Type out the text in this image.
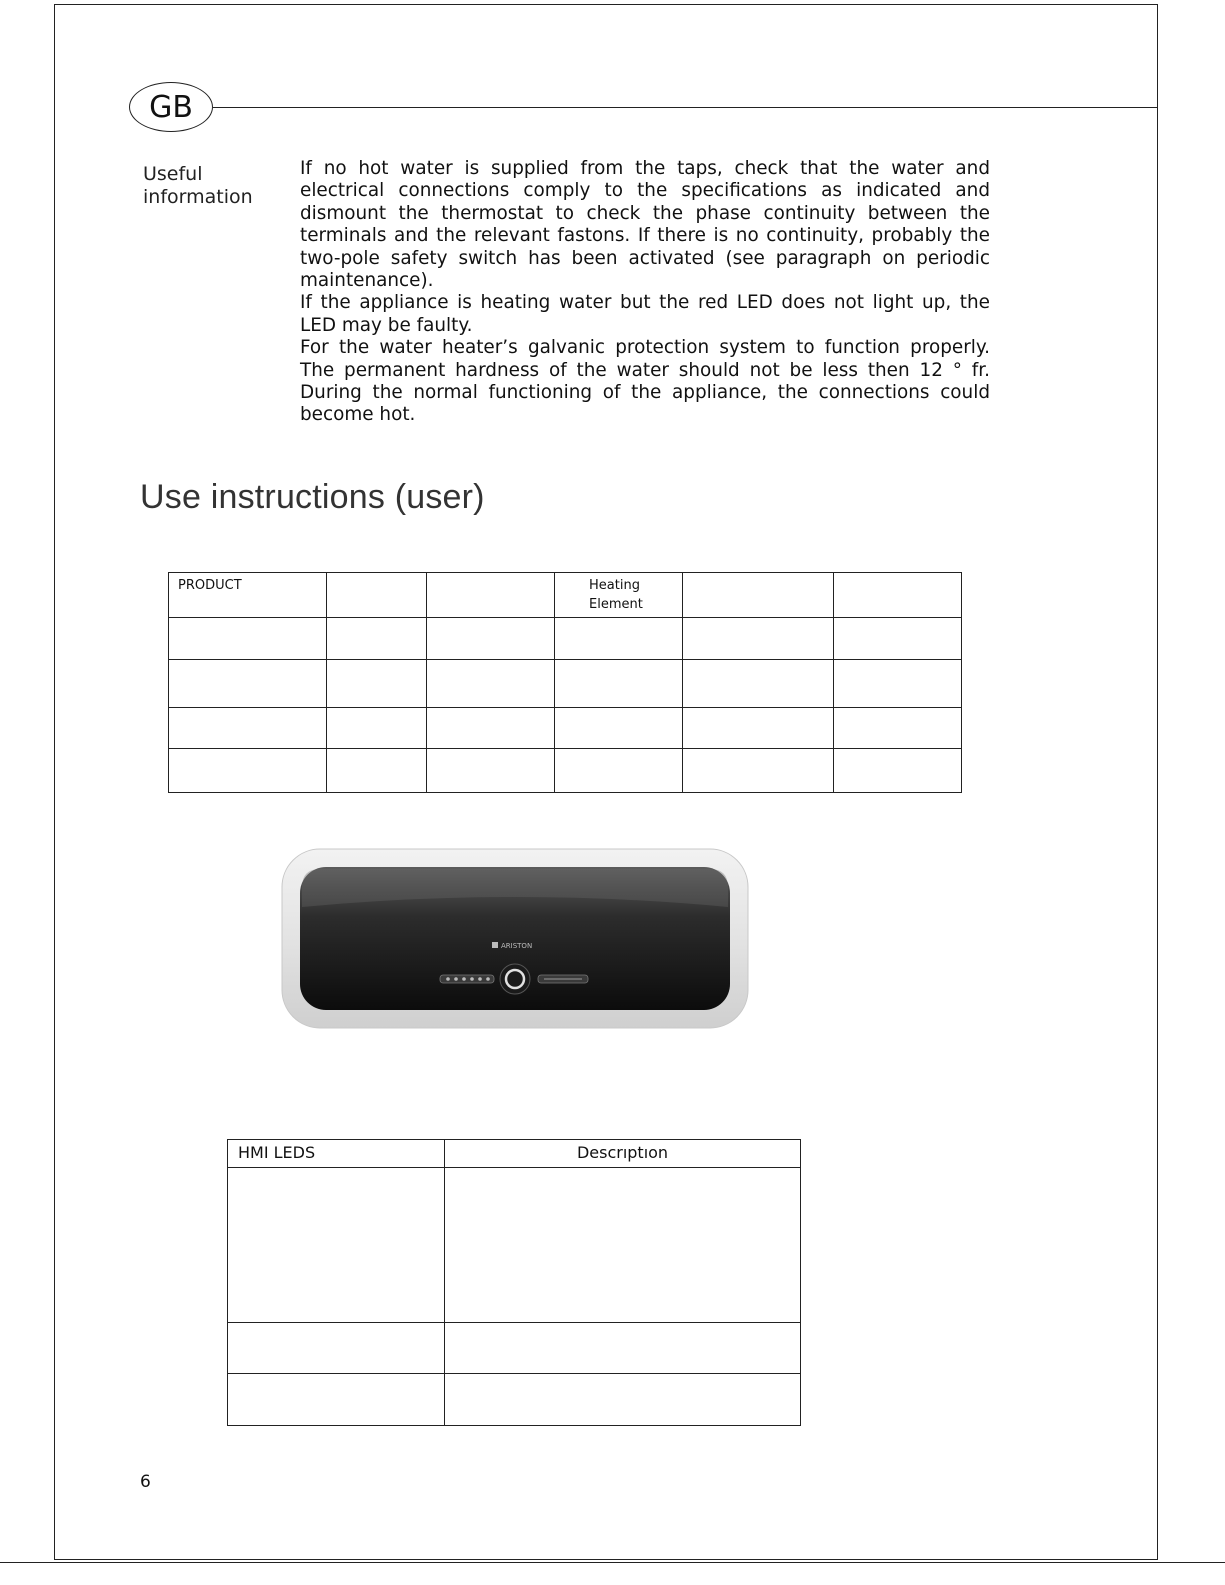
GB
Useful
information

If no hot water is supplied from the taps, check that the water and electrical connections comply to the specifications as indicated and dismount the thermostat to check the phase continuity between the terminals and the relevant fastons. If there is no continuity, probably the two-pole safety switch has been activated (see paragraph on periodic maintenance).

If the appliance is heating water but the red LED does not light up, the LED may be faulty.

For the water heater’s galvanic protection system to function properly. The permanent hardness of the water should not be less then 12 ° fr. During the normal functioning of the appliance, the connections could become hot.

Use instructions (user)
PRODUCT			Heating Element		

ARISTON
HMI LEDS	Descrıptıon

6
